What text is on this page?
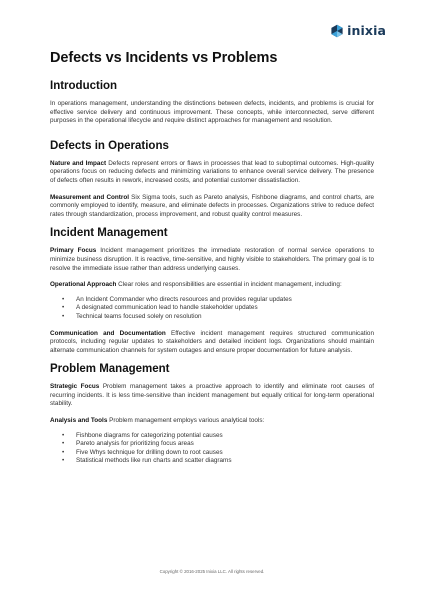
inixia
Defects vs Incidents vs Problems
Introduction

In operations management, understanding the distinctions between defects, incidents, and problems is crucial for effective service delivery and continuous improvement. These concepts, while interconnected, serve different purposes in the operational lifecycle and require distinct approaches for management and resolution.

Defects in Operations

Nature and Impact Defects represent errors or flaws in processes that lead to suboptimal outcomes. High-quality operations focus on reducing defects and minimizing variations to enhance overall service delivery. The presence of defects often results in rework, increased costs, and potential customer dissatisfaction.

Measurement and Control Six Sigma tools, such as Pareto analysis, Fishbone diagrams, and control charts, are commonly employed to identify, measure, and eliminate defects in processes. Organizations strive to reduce defect rates through standardization, process improvement, and robust quality control measures.

Incident Management

Primary Focus Incident management prioritizes the immediate restoration of normal service operations to minimize business disruption. It is reactive, time-sensitive, and highly visible to stakeholders. The primary goal is to resolve the immediate issue rather than address underlying causes.

Operational Approach Clear roles and responsibilities are essential in incident management, including:

• An Incident Commander who directs resources and provides regular updates
• A designated communication lead to handle stakeholder updates
• Technical teams focused solely on resolution

Communication and Documentation Effective incident management requires structured communication protocols, including regular updates to stakeholders and detailed incident logs. Organizations should maintain alternate communication channels for system outages and ensure proper documentation for future analysis.

Problem Management

Strategic Focus Problem management takes a proactive approach to identify and eliminate root causes of recurring incidents. It is less time-sensitive than incident management but equally critical for long-term operational stability.

Analysis and Tools Problem management employs various analytical tools:

• Fishbone diagrams for categorizing potential causes
• Pareto analysis for prioritizing focus areas
• Five Whys technique for drilling down to root causes
• Statistical methods like run charts and scatter diagrams
Copyright © 2016-2025 Inixia LLC. All rights reserved.
